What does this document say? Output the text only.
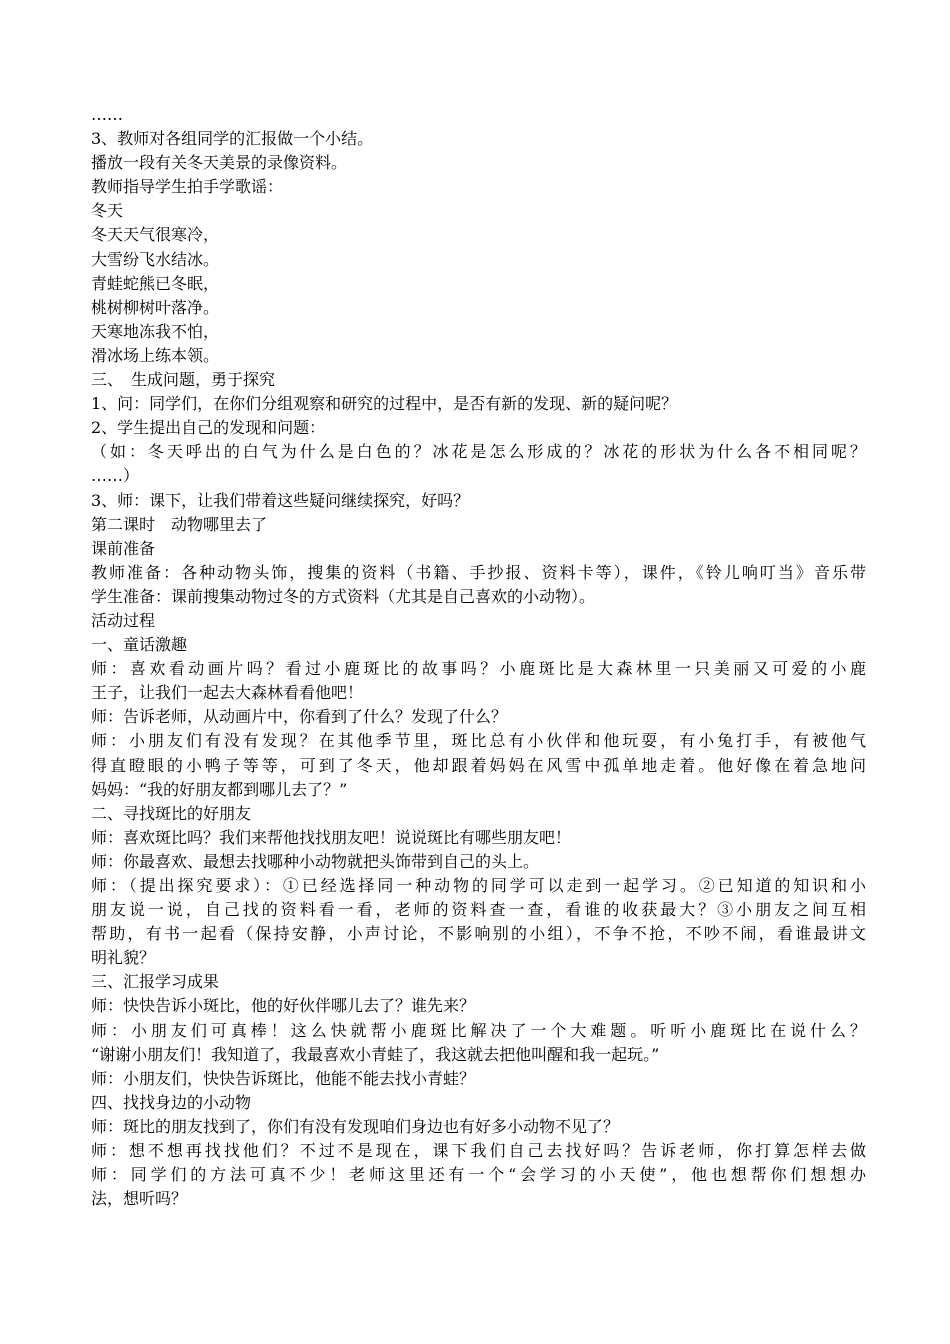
……
3、教师对各组同学的汇报做一个小结。
播放一段有关冬天美景的录像资料。
教师指导学生拍手学歌谣：
冬天
冬天天气很寒冷，
大雪纷飞水结冰。
青蛙蛇熊已冬眠，
桃树柳树叶落净。
天寒地冻我不怕，
滑冰场上练本领。
三、　生成问题，勇于探究
1、问：同学们，在你们分组观察和研究的过程中，是否有新的发现、新的疑问呢？
2、学生提出自己的发现和问题：
（如：冬天呼出的白气为什么是白色的？冰花是怎么形成的？冰花的形状为什么各不相同呢？
……）
3、师：课下，让我们带着这些疑问继续探究，好吗？
第二课时　动物哪里去了
课前准备
教师准备：各种动物头饰，搜集的资料（书籍、手抄报、资料卡等），课件，《铃儿响叮当》音乐带
学生准备：课前搜集动物过冬的方式资料（尤其是自己喜欢的小动物）。
活动过程
一、童话激趣
师：喜欢看动画片吗？看过小鹿斑比的故事吗？小鹿斑比是大森林里一只美丽又可爱的小鹿
王子，让我们一起去大森林看看他吧！
师：告诉老师，从动画片中，你看到了什么？发现了什么？
师：小朋友们有没有发现？在其他季节里，斑比总有小伙伴和他玩耍，有小兔打手，有被他气
得直瞪眼的小鸭子等等，可到了冬天，他却跟着妈妈在风雪中孤单地走着。他好像在着急地问
妈妈：“我的好朋友都到哪儿去了？”
二、寻找斑比的好朋友
师：喜欢斑比吗？我们来帮他找找朋友吧！说说斑比有哪些朋友吧！
师：你最喜欢、最想去找哪种小动物就把头饰带到自己的头上。
师：（提出探究要求）：①已经选择同一种动物的同学可以走到一起学习。②已知道的知识和小
朋友说一说，自己找的资料看一看，老师的资料查一查，看谁的收获最大？③小朋友之间互相
帮助，有书一起看（保持安静，小声讨论，不影响别的小组），不争不抢，不吵不闹，看谁最讲文
明礼貌？
三、汇报学习成果
师：快快告诉小斑比，他的好伙伴哪儿去了？谁先来？
师：小朋友们可真棒！这么快就帮小鹿斑比解决了一个大难题。听听小鹿斑比在说什么？
“谢谢小朋友们！我知道了，我最喜欢小青蛙了，我这就去把他叫醒和我一起玩。”
师：小朋友们，快快告诉斑比，他能不能去找小青蛙？
四、找找身边的小动物
师：斑比的朋友找到了，你们有没有发现咱们身边也有好多小动物不见了？
师：想不想再找找他们？不过不是现在，课下我们自己去找好吗？告诉老师，你打算怎样去做
师：同学们的方法可真不少！老师这里还有一个“会学习的小天使”，他也想帮你们想想办
法，想听吗？
